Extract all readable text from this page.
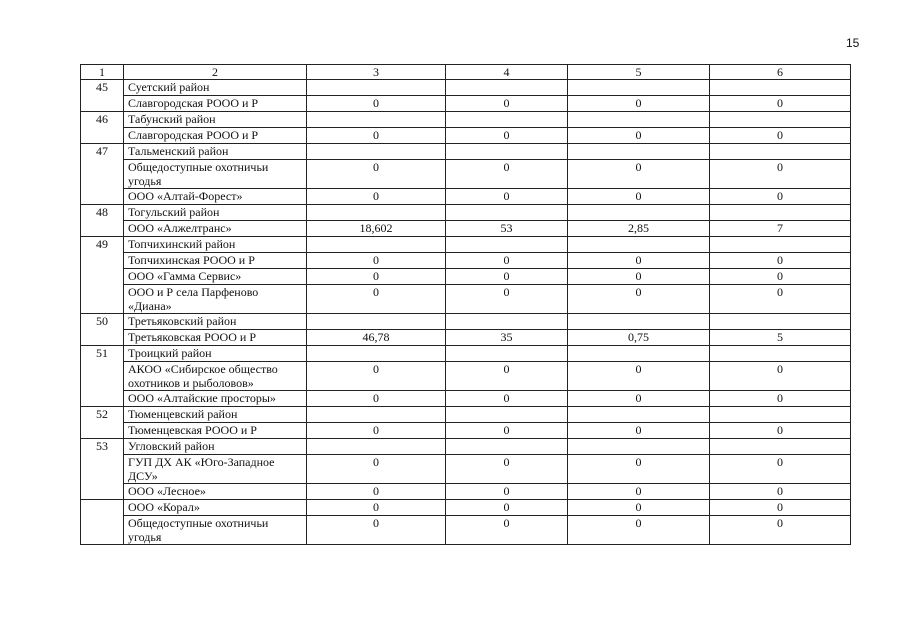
15
1	2	3	4	5	6
45	Суетский район				
	Славгородская РООО и Р	0	0	0	0
46	Табунский район				
	Славгородская РООО и Р	0	0	0	0
47	Тальменский район				
	Общедоступные охотничьи угодья	0	0	0	0
	ООО «Алтай-Форест»	0	0	0	0
48	Тогульский район				
	ООО «Алжелтранс»	18,602	53	2,85	7
49	Топчихинский район				
	Топчихинская РООО и Р	0	0	0	0
	ООО «Гамма Сервис»	0	0	0	0
	ООО и Р села Парфеново «Диана»	0	0	0	0
50	Третьяковский район				
	Третьяковская РООО и Р	46,78	35	0,75	5
51	Троицкий район				
	АКОО «Сибирское общество охотников и рыболовов»	0	0	0	0
	ООО «Алтайские просторы»	0	0	0	0
52	Тюменцевский район				
	Тюменцевская РООО и Р	0	0	0	0
53	Угловский район				
	ГУП ДХ АК «Юго-Западное ДСУ»	0	0	0	0
	ООО «Лесное»	0	0	0	0
	ООО «Корал»	0	0	0	0
	Общедоступные охотничьи угодья	0	0	0	0
